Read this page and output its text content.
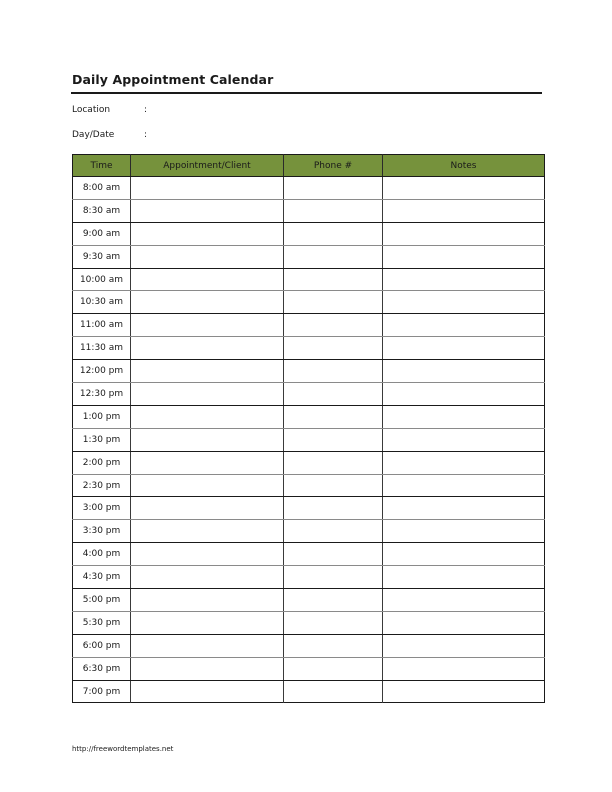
Daily Appointment Calendar
Location	:
Day/Date	:
Time	Appointment/Client	Phone #	Notes
8:00 am			
8:30 am			
9:00 am			
9:30 am			
10:00 am			
10:30 am			
11:00 am			
11:30 am			
12:00 pm			
12:30 pm			
1:00 pm			
1:30 pm			
2:00 pm			
2:30 pm			
3:00 pm			
3:30 pm			
4:00 pm			
4:30 pm			
5:00 pm			
5:30 pm			
6:00 pm			
6:30 pm			
7:00 pm			
http://freewordtemplates.net
